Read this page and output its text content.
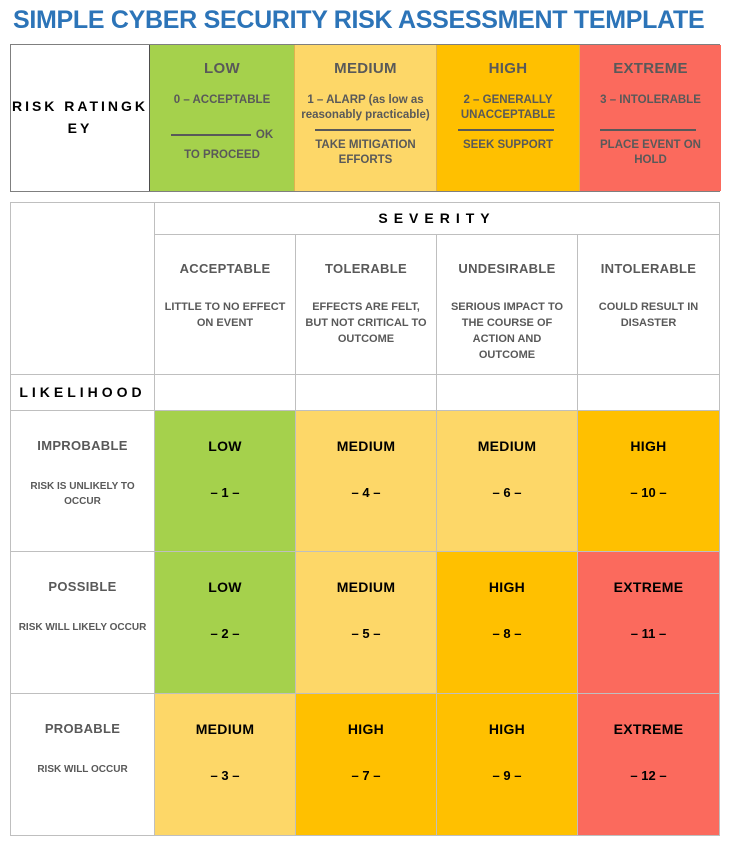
SIMPLE CYBER SECURITY RISK ASSESSMENT TEMPLATE
RISK RATINGK
EY
LOW
0 – ACCEPTABLE
OK
TO PROCEED
MEDIUM
1 – ALARP (as low as reasonably practicable)
TAKE MITIGATION EFFORTS
HIGH
2 – GENERALLY UNACCEPTABLE
SEEK SUPPORT
EXTREME
3 – INTOLERABLE
PLACE EVENT ON HOLD
SEVERITY
ACCEPTABLE
LITTLE TO NO EFFECT ON EVENT
TOLERABLE
EFFECTS ARE FELT, BUT NOT CRITICAL TO OUTCOME
UNDESIRABLE
SERIOUS IMPACT TO THE COURSE OF ACTION AND OUTCOME
INTOLERABLE
COULD RESULT IN DISASTER
LIKELIHOOD
IMPROBABLE
RISK IS UNLIKELY TO OCCUR
LOW
– 1 –
MEDIUM
– 4 –
MEDIUM
– 6 –
HIGH
– 10 –
POSSIBLE
RISK WILL LIKELY OCCUR
LOW
– 2 –
MEDIUM
– 5 –
HIGH
– 8 –
EXTREME
– 11 –
PROBABLE
RISK WILL OCCUR
MEDIUM
– 3 –
HIGH
– 7 –
HIGH
– 9 –
EXTREME
– 12 –
